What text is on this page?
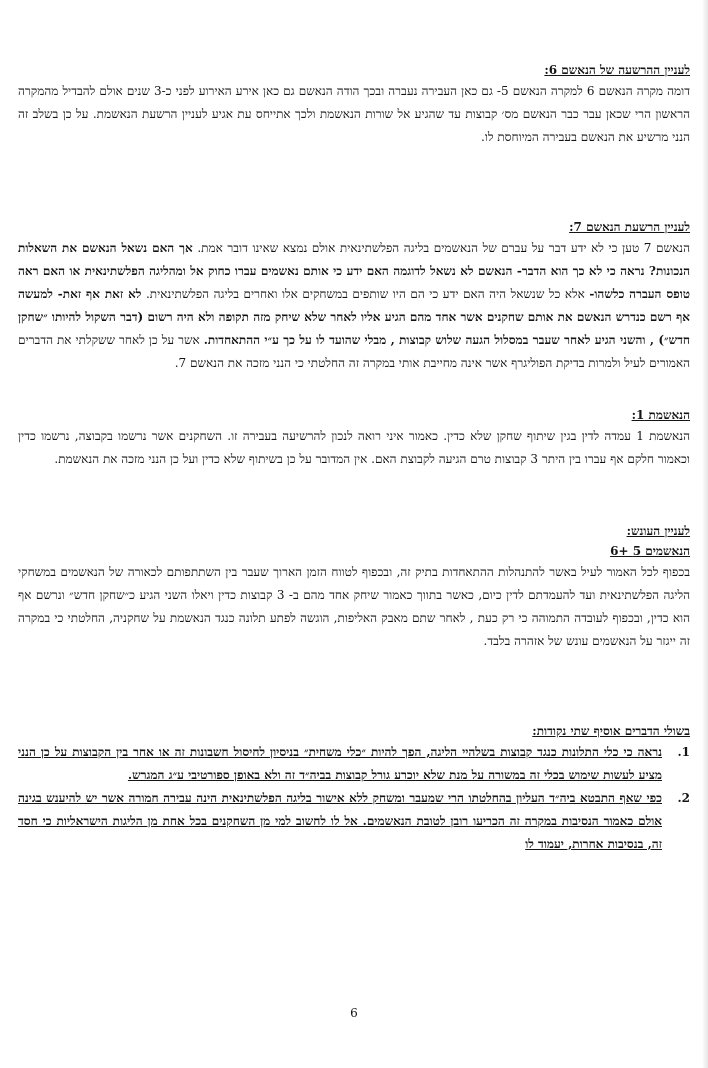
לעניין ההרשעה של הנאשם 6:

דומה מקרה הנאשם 6 למקרה הנאשם 5- גם כאן העבירה נעברה ובכך הודה הנאשם גם כאן אירע האירוע לפני כ-3 שנים אולם להבדיל מהמקרה הראשון הרי שכאן עבר כבר הנאשם מס׳ קבוצות עד שהגיע אל שורות הנאשמת ולכך אתייחס עת אגיע לעניין הרשעת הנאשמת. על כן בשלב זה הנני מרשיע את הנאשם בעבירה המיוחסת לו.

לעניין הרשעת הנאשם 7:

הנאשם 7 טען כי לא ידע דבר על עברם של הנאשמים בליגה הפלשתינאית אולם נמצא שאינו דובר אמת. אך האם נשאל הנאשם את השאלות הנכונות? נראה כי לא כך הוא הדבר- הנאשם לא נשאל לדוגמה האם ידע כי אותם נאשמים עברו כחוק אל ומהליגה הפלשתינאית או האם ראה טופס העברה כלשהו- אלא כל שנשאל היה האם ידע כי הם היו שותפים במשחקים אלו ואחרים בליגה הפלשתינאית. לא זאת אף זאת- למעשה אף רשם כנדרש הנאשם את אותם שחקנים אשר אחד מהם הגיע אליו לאחר שלא שיחק מזה תקופה ולא היה רשום (דבר השקול להיותו ״שחקן חדש״) , והשני הגיע לאחר שעבר במסלול הגעה שלוש קבוצות , מבלי שהועד לו על כך ע״י ההתאחדות. אשר על כן לאחר ששקלתי את הדברים האמורים לעיל ולמרות בדיקת הפוליגרף אשר אינה מחייבת אותי במקרה זה החלטתי כי הנני מזכה את הנאשם 7.

הנאשמת 1:

הנאשמת 1 עמדה לדין בגין שיתוף שחקן שלא כדין. כאמור איני רואה לנכון להרשיעה בעבירה זו. השחקנים אשר נרשמו בקבוצה, נרשמו כדין וכאמור חלקם אף עברו בין היתר 3 קבוצות טרם הגיעה לקבוצת האם. אין המדובר על כן בשיתוף שלא כדין ועל כן הנני מזכה את הנאשמת.

לעניין העונש:

הנאשמים 5 +6

בכפוף לכל האמור לעיל באשר להתנהלות ההתאחדות בתיק זה, ובכפוף לטווח הזמן הארוך שעבר בין השתתפותם לכאורה של הנאשמים במשחקי הליגה הפלשתינאית ועד להעמדתם לדין כיום, כאשר בתווך כאמור שיחק אחד מהם ב- 3 קבוצות כדין ויאלו השני הגיע כ״שחקן חדש״ ונרשם אף הוא כדין, ובכפוף לעובדה התמוהה כי רק כעת , לאחר שתם מאבק האליפות, הוגשה לפתע תלונה כנגד הנאשמת על שחקניה, החלטתי כי במקרה זה ייגזר על הנאשמים עונש של אזהרה בלבד.

בשולי הדברים אוסיף שתי נקודות:

1.
נראה כי כלי התלונות כנגד קבוצות בשלהיי הליגה, הפך להיות ״כלי משחית״ בניסיון לחיסול חשבונות זה או אחר בין הקבוצות על כן הנני מציע לעשות שימוש בכלי זה במשורה על מנת שלא יוכרע גורל קבוצות בביה״ד זה ולא באופן ספורטיבי ע״ג המגרש.
2.
כפי שאף התבטא ביה״ד העליון בהחלטתו הרי שמעבר ומשחק ללא אישור בליגה הפלשתינאית הינה עבירה חמורה אשר יש להיענש בגינה אולם כאמור הנסיבות במקרה זה הכריעו רובן לטובת הנאשמים. אל לו לחשוב למי מן השחקנים בכל אחת מן הליגות הישראליות כי חסד זה, בנסיבות אחרות, יעמוד לו
6
